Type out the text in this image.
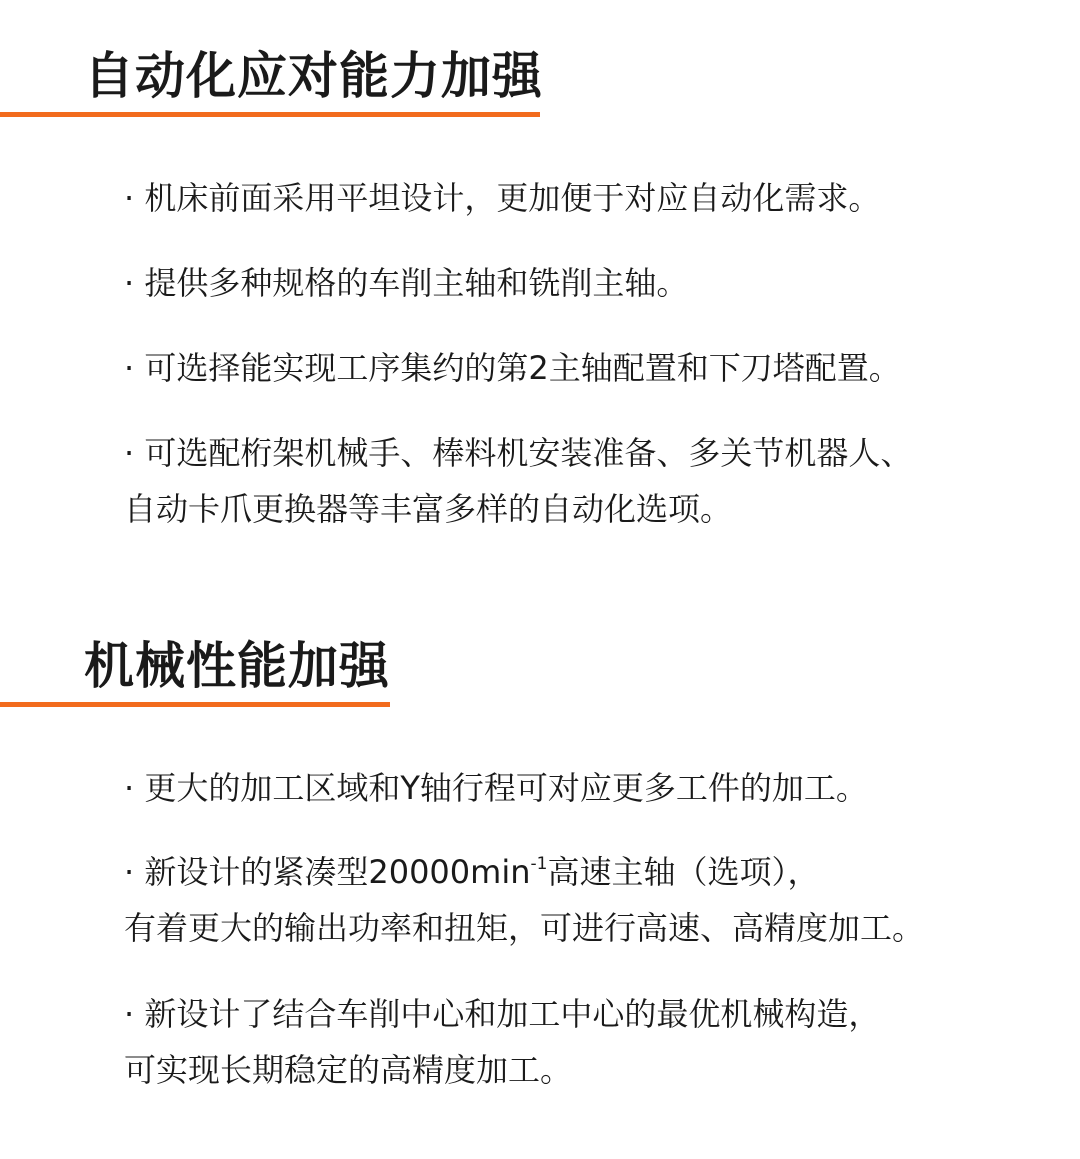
自动化应对能力加强

· 机床前面采用平坦设计，更加便于对应自动化需求。

· 提供多种规格的车削主轴和铣削主轴。

· 可选择能实现工序集约的第2主轴配置和下刀塔配置。

· 可选配桁架机械手、棒料机安装准备、多关节机器人、
自动卡爪更换器等丰富多样的自动化选项。

机械性能加强

· 更大的加工区域和Y轴行程可对应更多工件的加工。

· 新设计的紧凑型$20000\min^{-1}$高速主轴（选项），
有着更大的输出功率和扭矩，可进行高速、高精度加工。

· 新设计了结合车削中心和加工中心的最优机械构造，
可实现长期稳定的高精度加工。
